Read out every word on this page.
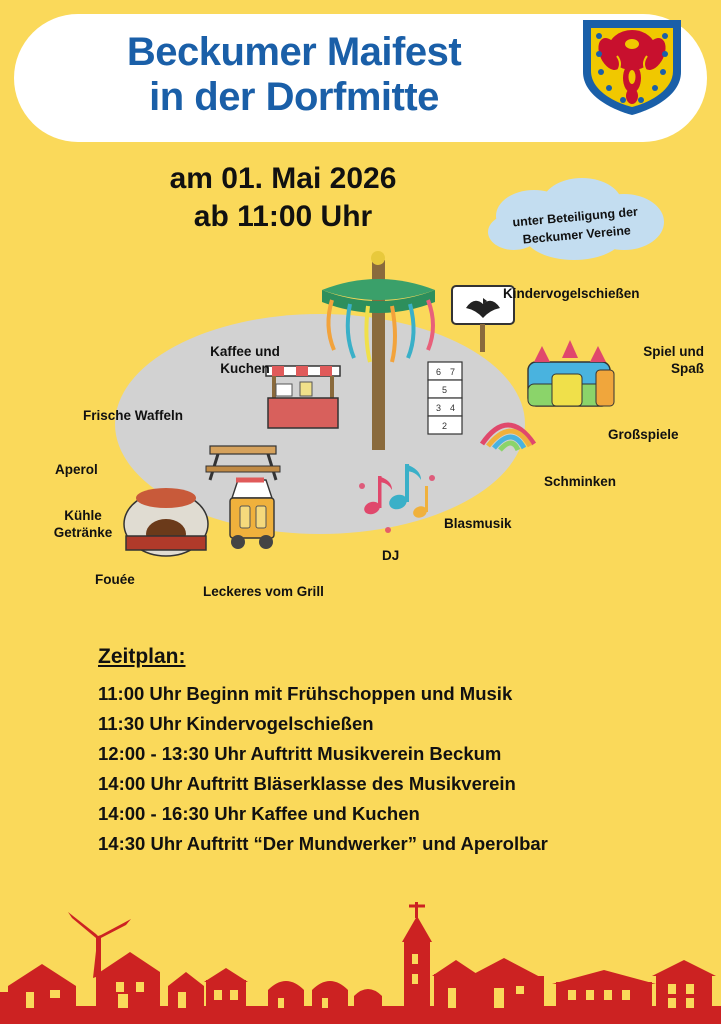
Beckumer Maifest
in der Dorfmitte
am 01. Mai 2026
ab 11:00 Uhr	unter Beteiligung der
Beckumer Vereine
6 7
5
3 4
2
Kindervogelschießen
Kaffee und
Kuchen
Spiel und
Spaß
Frische Waffeln
Großspiele
Aperol
Schminken
Kühle
Getränke
Blasmusik
DJ
Fouée
Leckeres vom Grill
Zeitplan:
11:00 Uhr Beginn mit Frühschoppen und Musik
11:30 Uhr Kindervogelschießen
12:00 - 13:30 Uhr Auftritt Musikverein Beckum
14:00 Uhr Auftritt Bläserklasse des Musikverein
14:00 - 16:30 Uhr Kaffee und Kuchen
14:30 Uhr Auftritt “Der Mundwerker” und Aperolbar
